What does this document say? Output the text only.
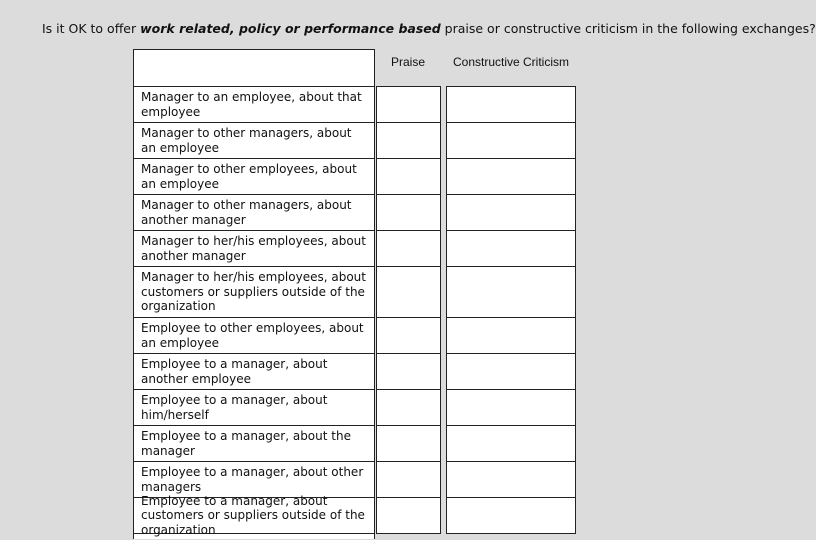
Is it OK to offer work related, policy or performance based praise or constructive criticism in the following exchanges?
Praise	Constructive Criticism
Manager to an employee, about that employee
Manager to other managers, about an employee
Manager to other employees, about an employee
Manager to other managers, about another manager
Manager to her/his employees, about another manager
Manager to her/his employees, about customers or suppliers outside of the organization
Employee to other employees, about an employee
Employee to a manager, about another employee
Employee to a manager, about him/herself
Employee to a manager, about the manager
Employee to a manager, about other managers
Employee to a manager, about customers or suppliers outside of the organization
